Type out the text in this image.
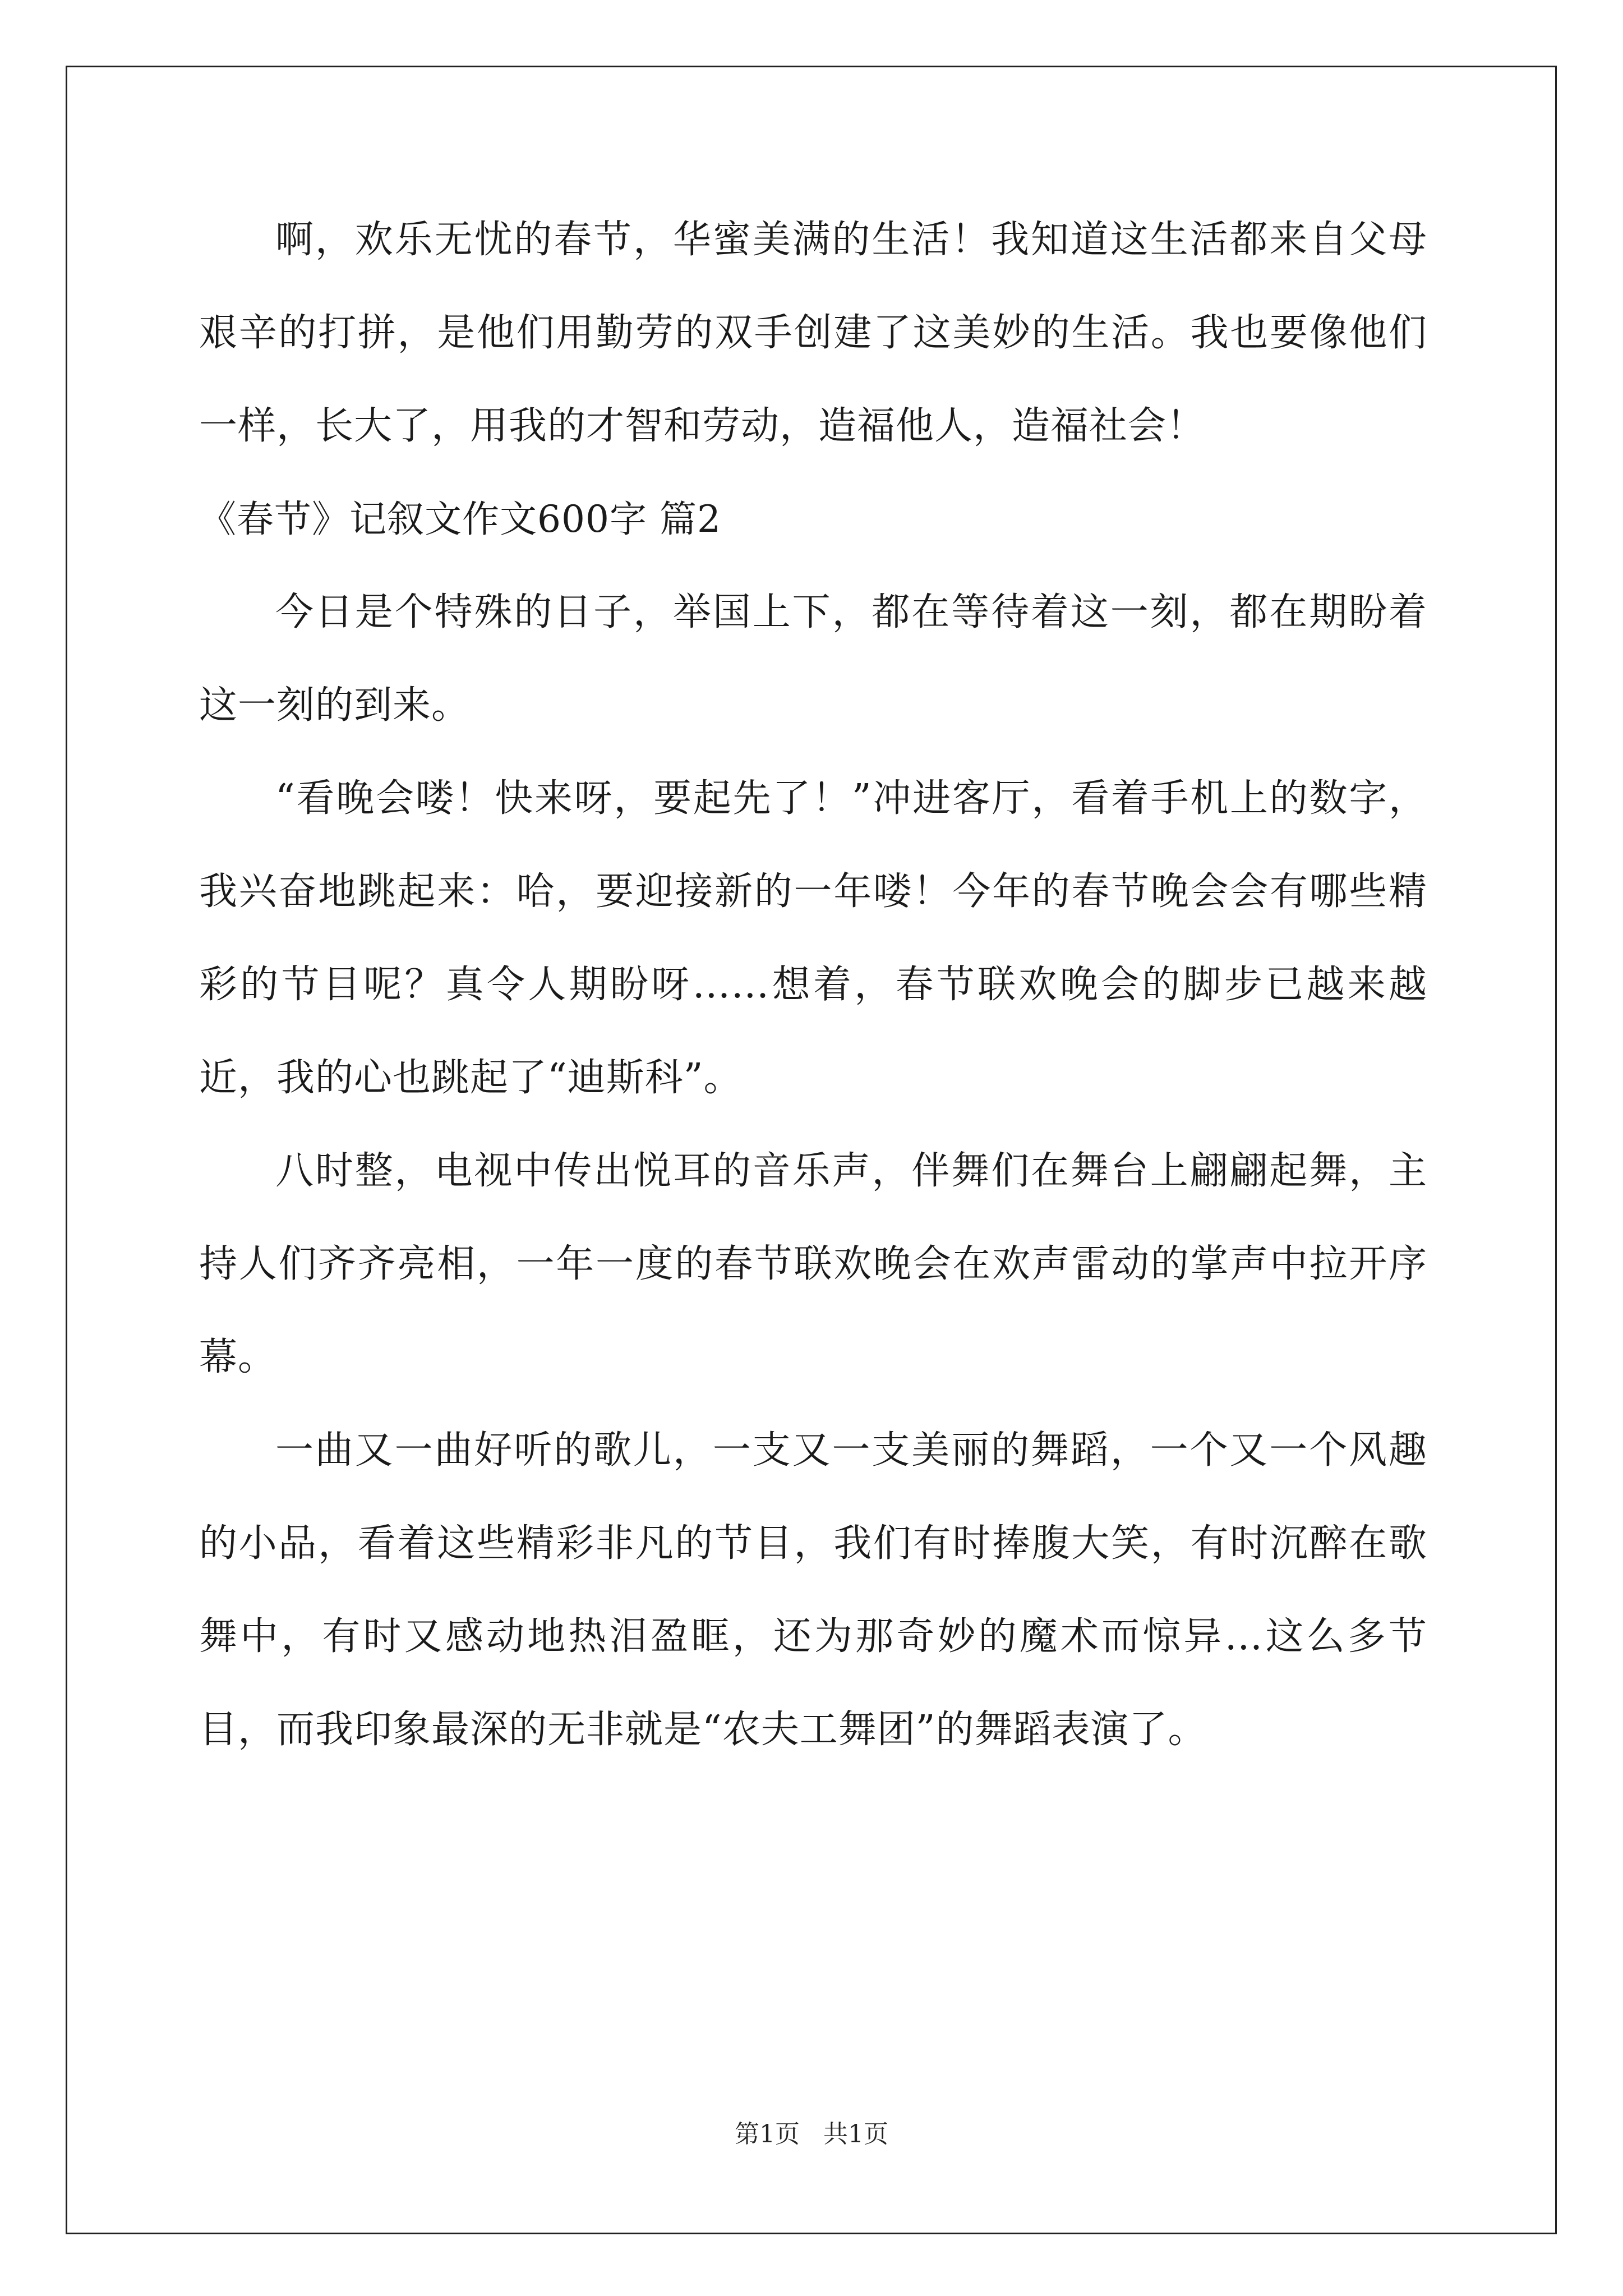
啊，欢乐无忧的春节，华蜜美满的生活！我知道这生活都来自父母艰辛的打拼，是他们用勤劳的双手创建了这美妙的生活。我也要像他们一样，长大了，用我的才智和劳动，造福他人，造福社会！

《春节》记叙文作文600字 篇2

今日是个特殊的日子，举国上下，都在等待着这一刻，都在期盼着这一刻的到来。

“看晚会喽！快来呀，要起先了！”冲进客厅，看着手机上的数字，我兴奋地跳起来：哈，要迎接新的一年喽！今年的春节晚会会有哪些精彩的节目呢？真令人期盼呀……想着，春节联欢晚会的脚步已越来越近，我的心也跳起了“迪斯科”。

八时整，电视中传出悦耳的音乐声，伴舞们在舞台上翩翩起舞，主持人们齐齐亮相，一年一度的春节联欢晚会在欢声雷动的掌声中拉开序幕。

一曲又一曲好听的歌儿，一支又一支美丽的舞蹈，一个又一个风趣的小品，看着这些精彩非凡的节目，我们有时捧腹大笑，有时沉醉在歌舞中，有时又感动地热泪盈眶，还为那奇妙的魔术而惊异…这么多节目，而我印象最深的无非就是“农夫工舞团”的舞蹈表演了。

第1页 共1页
